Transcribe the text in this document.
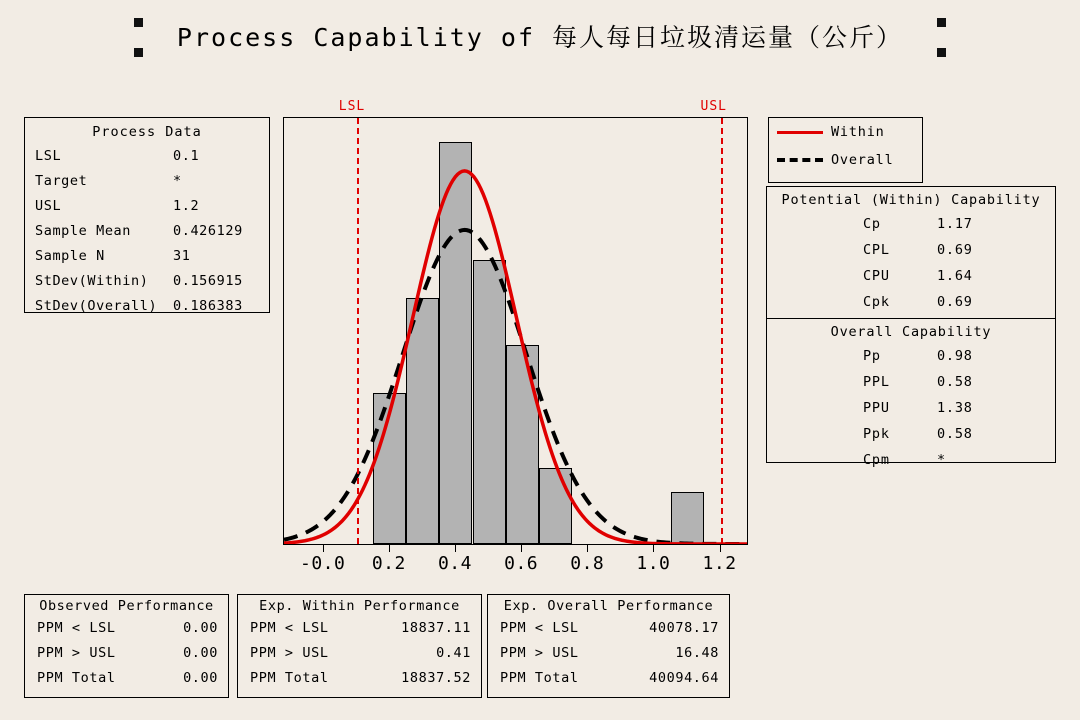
Process Capability of 每人每日垃圾清运量（公斤）
Process Data
LSL	0.1
Target	*
USL	1.2
Sample Mean	0.426129
Sample N	31
StDev(Within) 0.156915
StDev(Overall) 0.186383
LSL	USL
-0.0 0.2 0.4 0.6 0.8 1.0 1.2
Within
Overall
Potential (Within) Capability
Cp	1.17
CPL	0.69
CPU	1.64
Cpk	0.69
Overall Capability
Pp	0.98
PPL	0.58
PPU	1.38
Ppk	0.58
Cpm	*
Observed Performance
PPM < LSL	0.00
PPM > USL	0.00
PPM Total	0.00
Exp. Within Performance
PPM < LSL	18837.11
PPM > USL	0.41
PPM Total	18837.52
Exp. Overall Performance
PPM < LSL	40078.17
PPM > USL	16.48
PPM Total	40094.64
